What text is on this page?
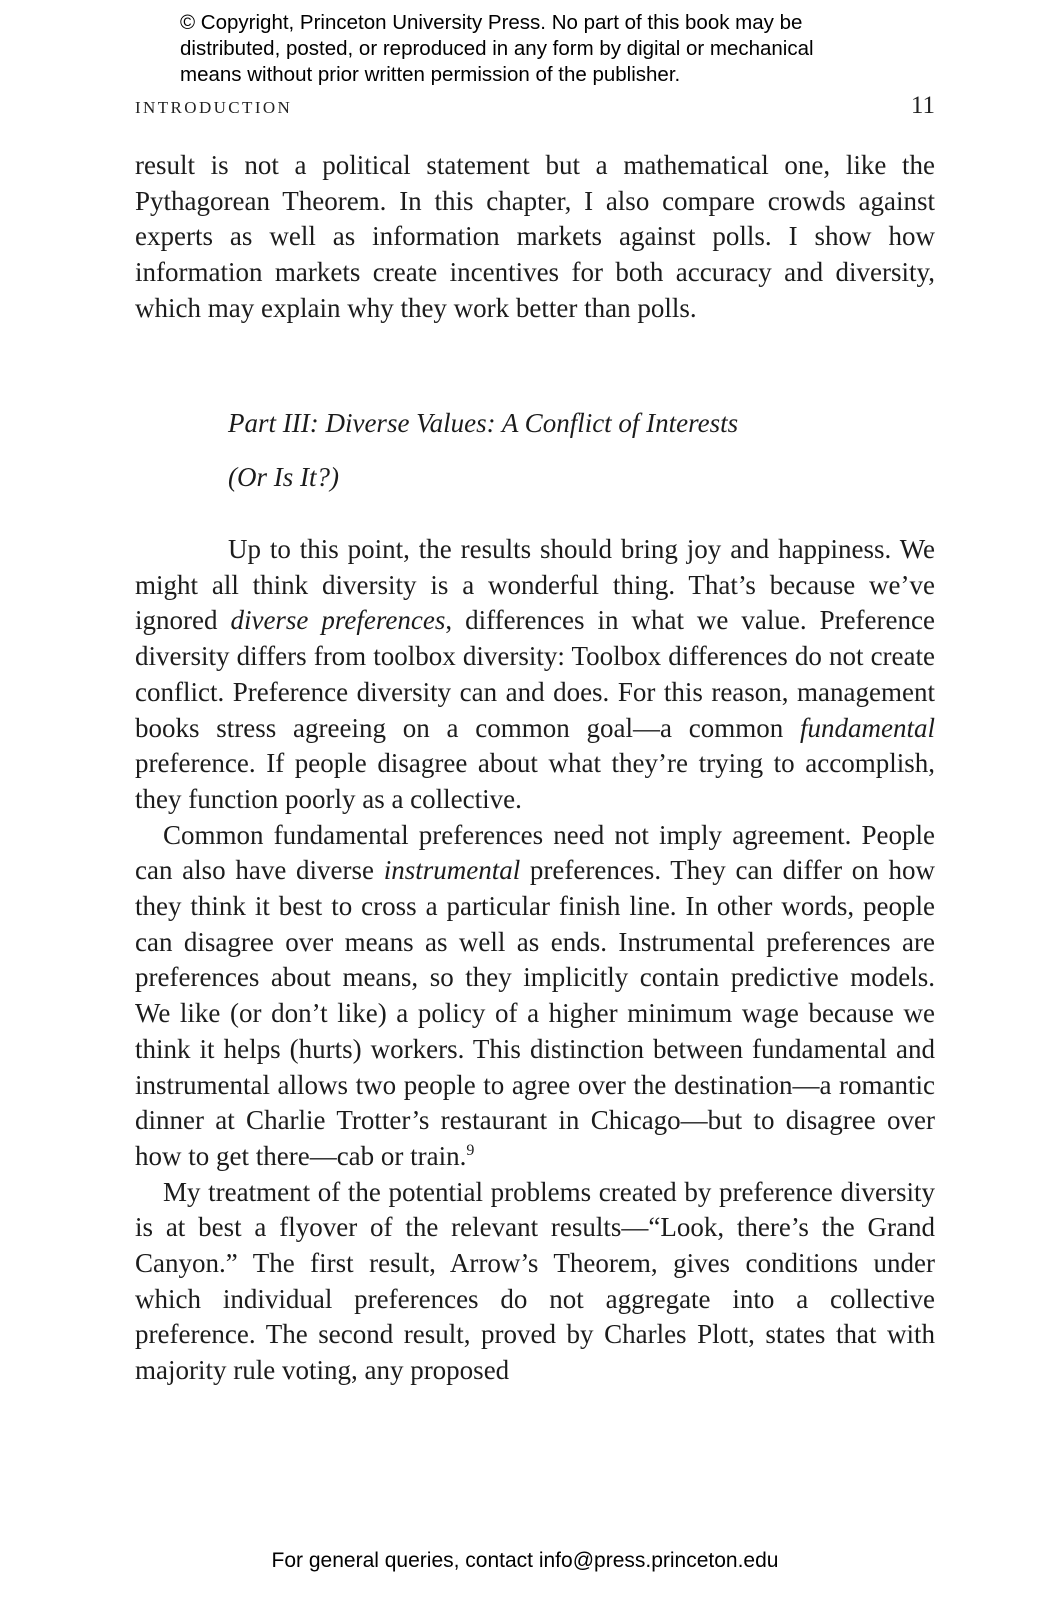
© Copyright, Princeton University Press. No part of this book may be
distributed, posted, or reproduced in any form by digital or mechanical
means without prior written permission of the publisher.
INTRODUCTION	11

result is not a political statement but a mathematical one, like the Pythagorean Theorem. In this chapter, I also compare crowds against experts as well as information markets against polls. I show how information markets create incentives for both accuracy and diversity, which may explain why they work better than polls.

Part III: Diverse Values: A Conflict of Interests
(Or Is It?)

Up to this point, the results should bring joy and happiness. We might all think diversity is a wonderful thing. That’s because we’ve ignored diverse preferences, differences in what we value. Preference diversity differs from toolbox diversity: Toolbox differences do not create conflict. Preference diversity can and does. For this reason, management books stress agreeing on a common goal—a common fundamental preference. If people disagree about what they’re trying to accomplish, they function poorly as a collective.

Common fundamental preferences need not imply agreement. People can also have diverse instrumental preferences. They can differ on how they think it best to cross a particular finish line. In other words, people can disagree over means as well as ends. Instrumental preferences are preferences about means, so they implicitly contain predictive models. We like (or don’t like) a policy of a higher minimum wage because we think it helps (hurts) workers. This distinction between fundamental and instrumental allows two people to agree over the destination—a romantic dinner at Charlie Trotter’s restaurant in Chicago—but to disagree over how to get there—cab or train.$^9$

My treatment of the potential problems created by preference diversity is at best a flyover of the relevant results—“Look, there’s the Grand Canyon.” The first result, Arrow’s Theorem, gives conditions under which individual preferences do not aggregate into a collective preference. The second result, proved by Charles Plott, states that with majority rule voting, any proposed

For general queries, contact info@press.princeton.edu
